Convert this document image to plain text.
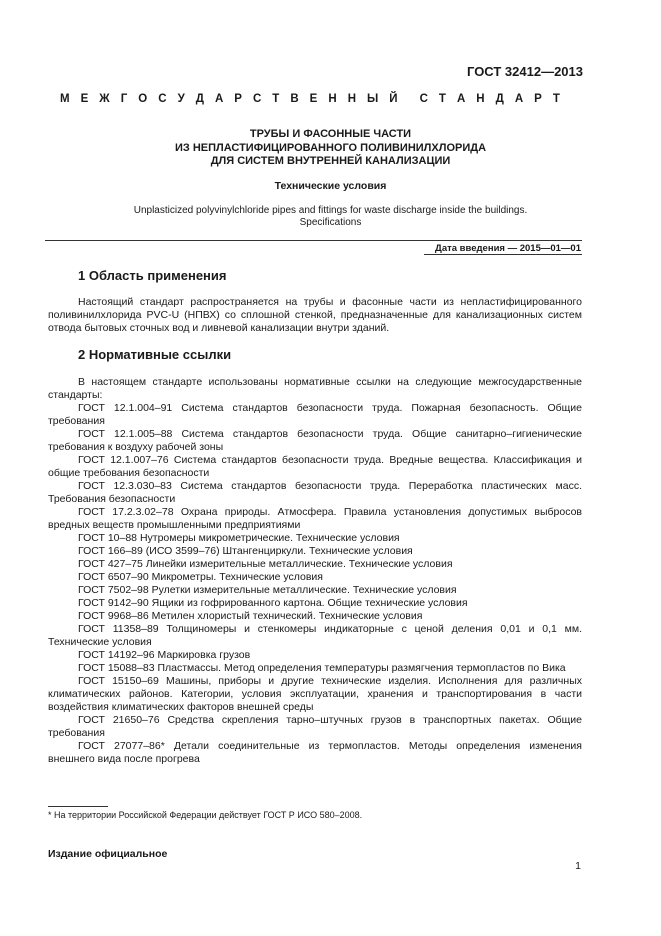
ГОСТ 32412—2013
М Е Ж Г О С У Д А Р С Т В Е Н Н Ы Й С Т А Н Д А Р Т
ТРУБЫ И ФАСОННЫЕ ЧАСТИ
ИЗ НЕПЛАСТИФИЦИРОВАННОГО ПОЛИВИНИЛХЛОРИДА
ДЛЯ СИСТЕМ ВНУТРЕННЕЙ КАНАЛИЗАЦИИ
Технические условия
Unplasticized polyvinylchloride pipes and fittings for waste discharge inside the buildings.
Specifications
Дата введения — 2015—01—01
1 Область применения

Настоящий стандарт распространяется на трубы и фасонные части из непластифицированного поливинилхлорида PVC-U (НПВХ) со сплошной стенкой, предназначенные для канализационных систем отвода бытовых сточных вод и ливневой канализации внутри зданий.

2 Нормативные ссылки

В настоящем стандарте использованы нормативные ссылки на следующие межгосударственные стандарты:

ГОСТ 12.1.004–91 Система стандартов безопасности труда. Пожарная безопасность. Общие требования

ГОСТ 12.1.005–88 Система стандартов безопасности труда. Общие санитарно–гигиенические требования к воздуху рабочей зоны

ГОСТ 12.1.007–76 Система стандартов безопасности труда. Вредные вещества. Классификация и общие требования безопасности

ГОСТ 12.3.030–83 Система стандартов безопасности труда. Переработка пластических масс. Требования безопасности

ГОСТ 17.2.3.02–78 Охрана природы. Атмосфера. Правила установления допустимых выбросов вредных веществ промышленными предприятиями

ГОСТ 10–88 Нутромеры микрометрические. Технические условия

ГОСТ 166–89 (ИСО 3599–76) Штангенциркули. Технические условия

ГОСТ 427–75 Линейки измерительные металлические. Технические условия

ГОСТ 6507–90 Микрометры. Технические условия

ГОСТ 7502–98 Рулетки измерительные металлические. Технические условия

ГОСТ 9142–90 Ящики из гофрированного картона. Общие технические условия

ГОСТ 9968–86 Метилен хлористый технический. Технические условия

ГОСТ 11358–89 Толщиномеры и стенкомеры индикаторные с ценой деления 0,01 и 0,1 мм. Технические условия

ГОСТ 14192–96 Маркировка грузов

ГОСТ 15088–83 Пластмассы. Метод определения температуры размягчения термопластов по Вика

ГОСТ 15150–69 Машины, приборы и другие технические изделия. Исполнения для различных климатических районов. Категории, условия эксплуатации, хранения и транспортирования в части воздействия климатических факторов внешней среды

ГОСТ 21650–76 Средства скрепления тарно–штучных грузов в транспортных пакетах. Общие требования

ГОСТ 27077–86* Детали соединительные из термопластов. Методы определения изменения внешнего вида после прогрева

* На территории Российской Федерации действует ГОСТ Р ИСО 580–2008.
Издание официальное
1
